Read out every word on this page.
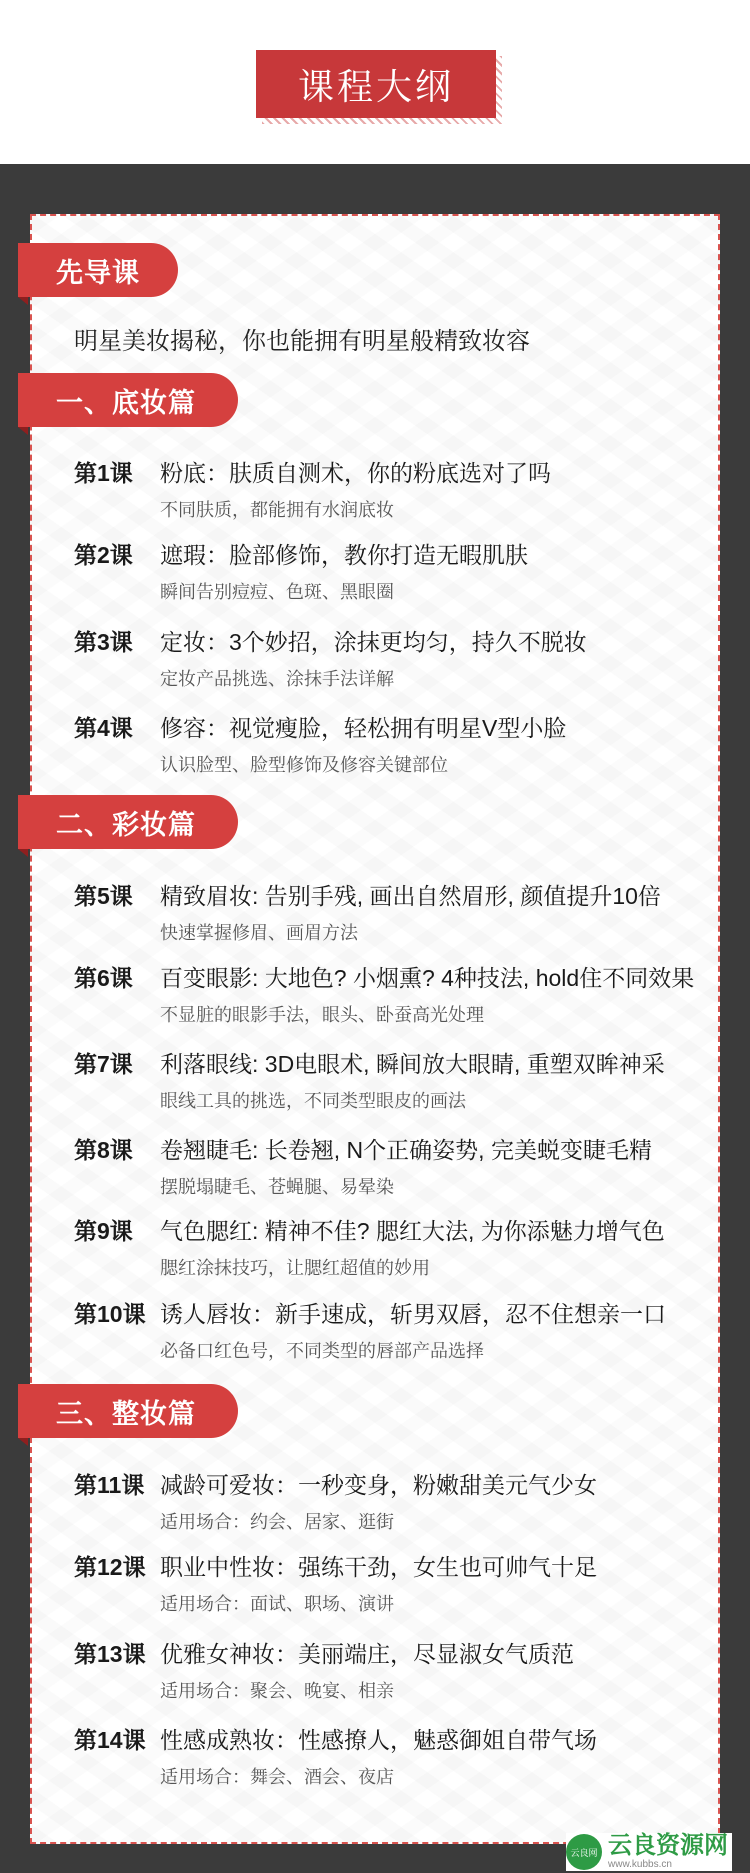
课程大纲
先导课
明星美妆揭秘，你也能拥有明星般精致妆容
一、底妆篇
第1课	粉底：肤质自测术，你的粉底选对了吗
不同肤质，都能拥有水润底妆
第2课	遮瑕：脸部修饰，教你打造无暇肌肤
瞬间告别痘痘、色斑、黑眼圈
第3课	定妆：3个妙招，涂抹更均匀，持久不脱妆
定妆产品挑选、涂抹手法详解
第4课	修容：视觉瘦脸，轻松拥有明星V型小脸
认识脸型、脸型修饰及修容关键部位
二、彩妆篇
第5课	精致眉妆: 告别手残, 画出自然眉形, 颜值提升10倍
快速掌握修眉、画眉方法
第6课	百变眼影: 大地色? 小烟熏? 4种技法, hold住不同效果
不显脏的眼影手法，眼头、卧蚕高光处理
第7课	利落眼线: 3D电眼术, 瞬间放大眼睛, 重塑双眸神采
眼线工具的挑选，不同类型眼皮的画法
第8课	卷翘睫毛: 长卷翘, N个正确姿势, 完美蜕变睫毛精
摆脱塌睫毛、苍蝇腿、易晕染
第9课	气色腮红: 精神不佳? 腮红大法, 为你添魅力增气色
腮红涂抹技巧，让腮红超值的妙用
第10课 诱人唇妆：新手速成，斩男双唇，忍不住想亲一口
必备口红色号，不同类型的唇部产品选择
三、整妆篇
第11课 减龄可爱妆：一秒变身，粉嫩甜美元气少女
适用场合：约会、居家、逛街
第12课 职业中性妆：强练干劲，女生也可帅气十足
适用场合：面试、职场、演讲
第13课 优雅女神妆：美丽端庄，尽显淑女气质范
适用场合：聚会、晚宴、相亲
第14课 性感成熟妆：性感撩人，魅惑御姐自带气场
适用场合：舞会、酒会、夜店
云良网 云良资源网
www.kubbs.cn
